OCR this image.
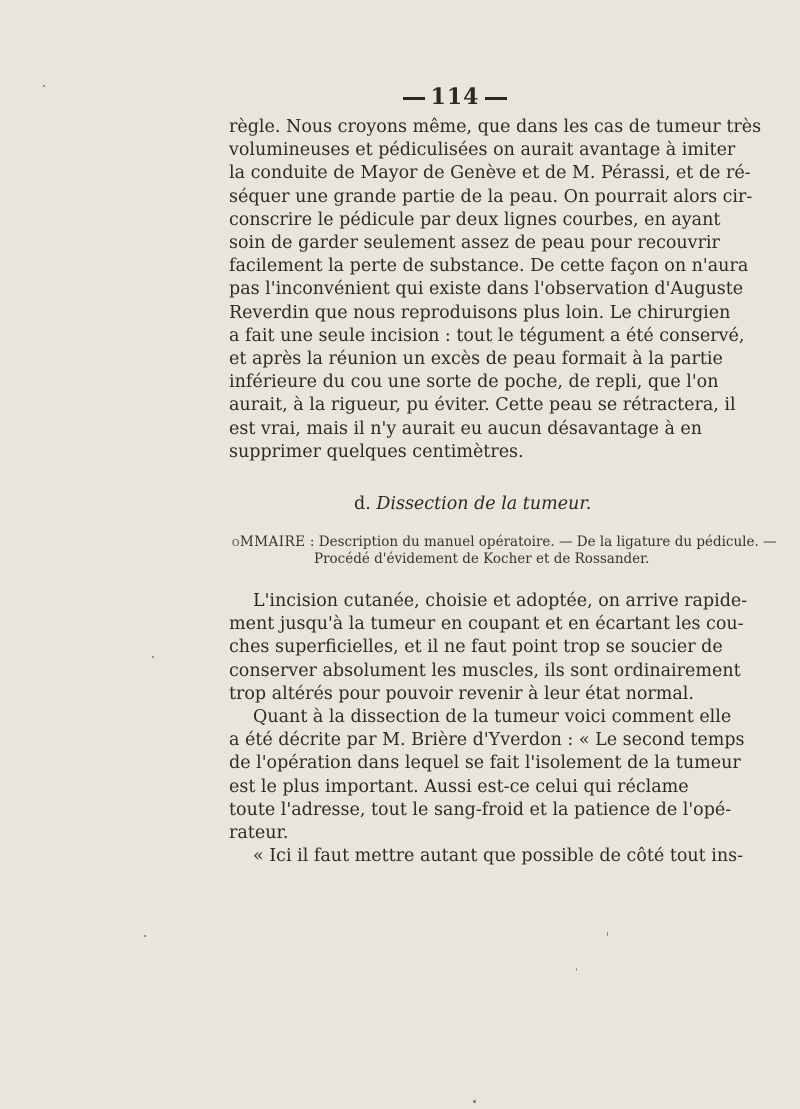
114

règle. Nous croyons même, que dans les cas de tumeur très
volumineuses et pédiculisées on aurait avantage à imiter
la conduite de Mayor de Genève et de M. Pérassi, et de ré-
séquer une grande partie de la peau. On pourrait alors cir-
conscrire le pédicule par deux lignes courbes, en ayant
soin de garder seulement assez de peau pour recouvrir
facilement la perte de substance. De cette façon on n'aura
pas l'inconvénient qui existe dans l'observation d'Auguste
Reverdin que nous reproduisons plus loin. Le chirurgien
a fait une seule incision : tout le tégument a été conservé,
et après la réunion un excès de peau formait à la partie
inférieure du cou une sorte de poche, de repli, que l'on
aurait, à la rigueur, pu éviter. Cette peau se rétractera, il
est vrai, mais il n'y aurait eu aucun désavantage à en
supprimer quelques centimètres.

d. Dissection de la tumeur.
oMMAIRE : Description du manuel opératoire. — De la ligature du pédicule. —
Procédé d'évidement de Kocher et de Rossander.

L'incision cutanée, choisie et adoptée, on arrive rapide-
ment jusqu'à la tumeur en coupant et en écartant les cou-
ches superficielles, et il ne faut point trop se soucier de
conserver absolument les muscles, ils sont ordinairement
trop altérés pour pouvoir revenir à leur état normal.

Quant à la dissection de la tumeur voici comment elle
a été décrite par M. Brière d'Yverdon : « Le second temps
de l'opération dans lequel se fait l'isolement de la tumeur
est le plus important. Aussi est-ce celui qui réclame
toute l'adresse, tout le sang-froid et la patience de l'opé-
rateur.

« Ici il faut mettre autant que possible de côté tout ins-
